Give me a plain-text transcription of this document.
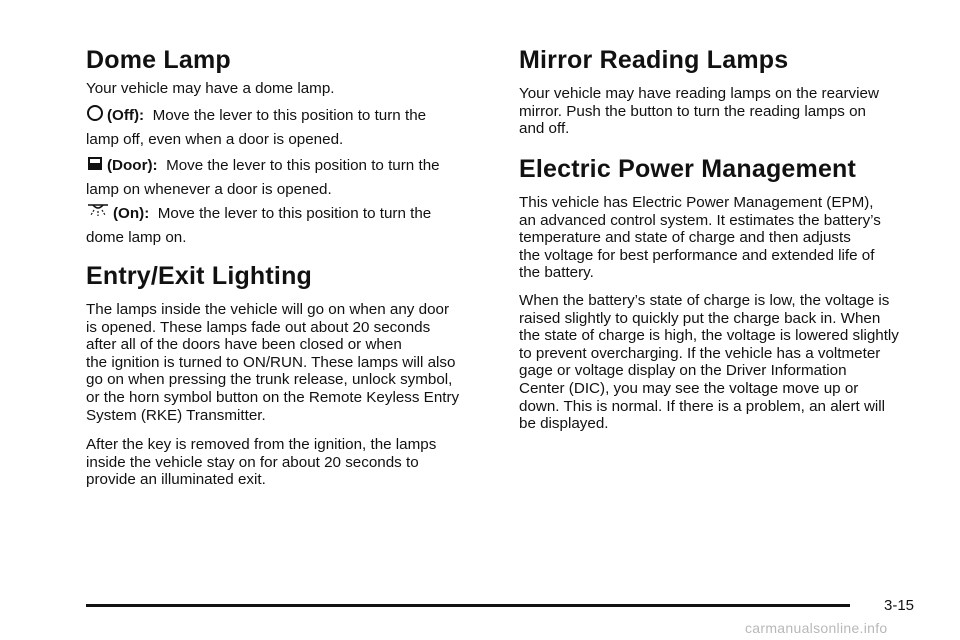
Dome Lamp

Your vehicle may have a dome lamp.

(Off): Move the lever to this position to turn the

lamp off, even when a door is opened.

(Door): Move the lever to this position to turn the

lamp on whenever a door is opened.

(On): Move the lever to this position to turn the

dome lamp on.

Entry/Exit Lighting

The lamps inside the vehicle will go on when any door

is opened. These lamps fade out about 20 seconds

after all of the doors have been closed or when

the ignition is turned to ON/RUN. These lamps will also

go on when pressing the trunk release, unlock symbol,

or the horn symbol button on the Remote Keyless Entry

System (RKE) Transmitter.

After the key is removed from the ignition, the lamps

inside the vehicle stay on for about 20 seconds to

provide an illuminated exit.

Mirror Reading Lamps

Your vehicle may have reading lamps on the rearview

mirror. Push the button to turn the reading lamps on

and off.

Electric Power Management

This vehicle has Electric Power Management (EPM),

an advanced control system. It estimates the battery’s

temperature and state of charge and then adjusts

the voltage for best performance and extended life of

the battery.

When the battery’s state of charge is low, the voltage is

raised slightly to quickly put the charge back in. When

the state of charge is high, the voltage is lowered slightly

to prevent overcharging. If the vehicle has a voltmeter

gage or voltage display on the Driver Information

Center (DIC), you may see the voltage move up or

down. This is normal. If there is a problem, an alert will

be displayed.

3-15
carmanualsonline.info
